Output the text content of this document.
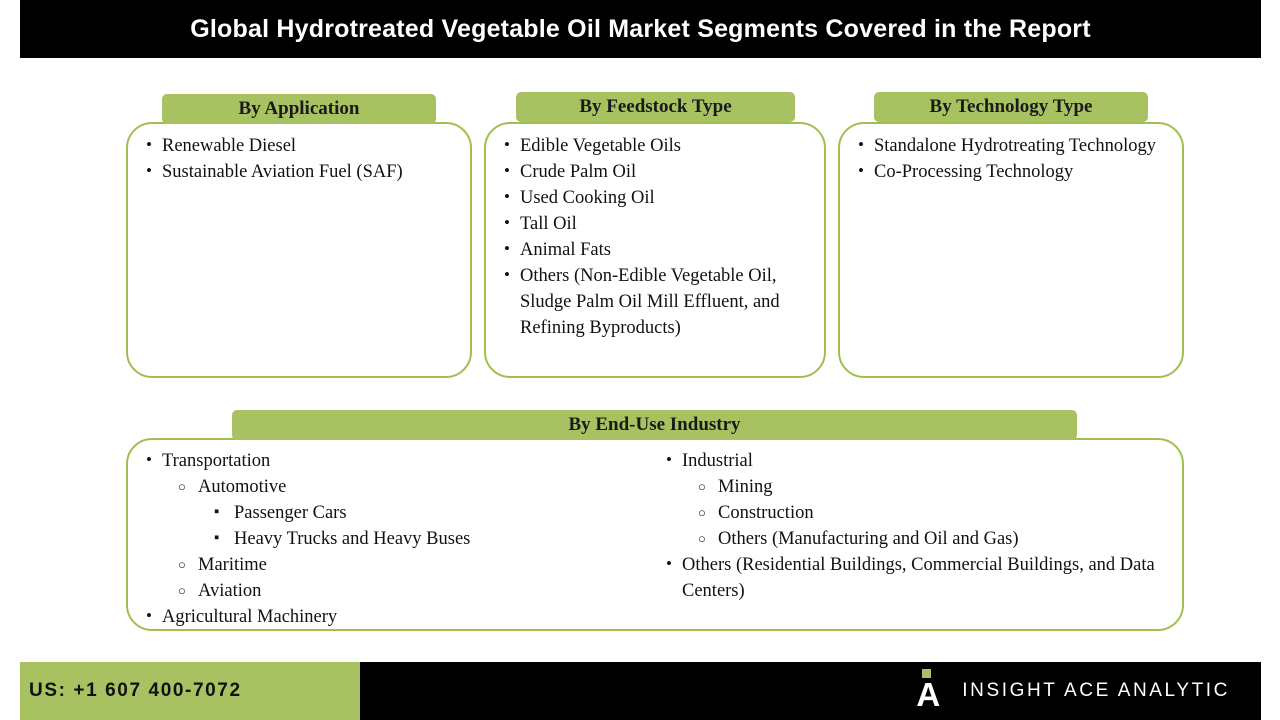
Global Hydrotreated Vegetable Oil Market Segments Covered in the Report
• Renewable Diesel
• Sustainable Aviation Fuel (SAF)
By Application
• Edible Vegetable Oils
• Crude Palm Oil
• Used Cooking Oil
• Tall Oil
• Animal Fats
• Others (Non-Edible Vegetable Oil, Sludge Palm Oil Mill Effluent, and Refining Byproducts)
By Feedstock Type
• Standalone Hydrotreating Technology
• Co-Processing Technology
By Technology Type
• Transportation
○ Automotive
▪ Passenger Cars
▪ Heavy Trucks and Heavy Buses
○ Maritime
○ Aviation
• Agricultural Machinery
• Industrial
○ Mining
○ Construction
○ Others (Manufacturing and Oil and Gas)
• Others (Residential Buildings, Commercial Buildings, and Data Centers)
By End-Use Industry
US: +1 607 400-7072	A	INSIGHT ACE ANALYTIC
